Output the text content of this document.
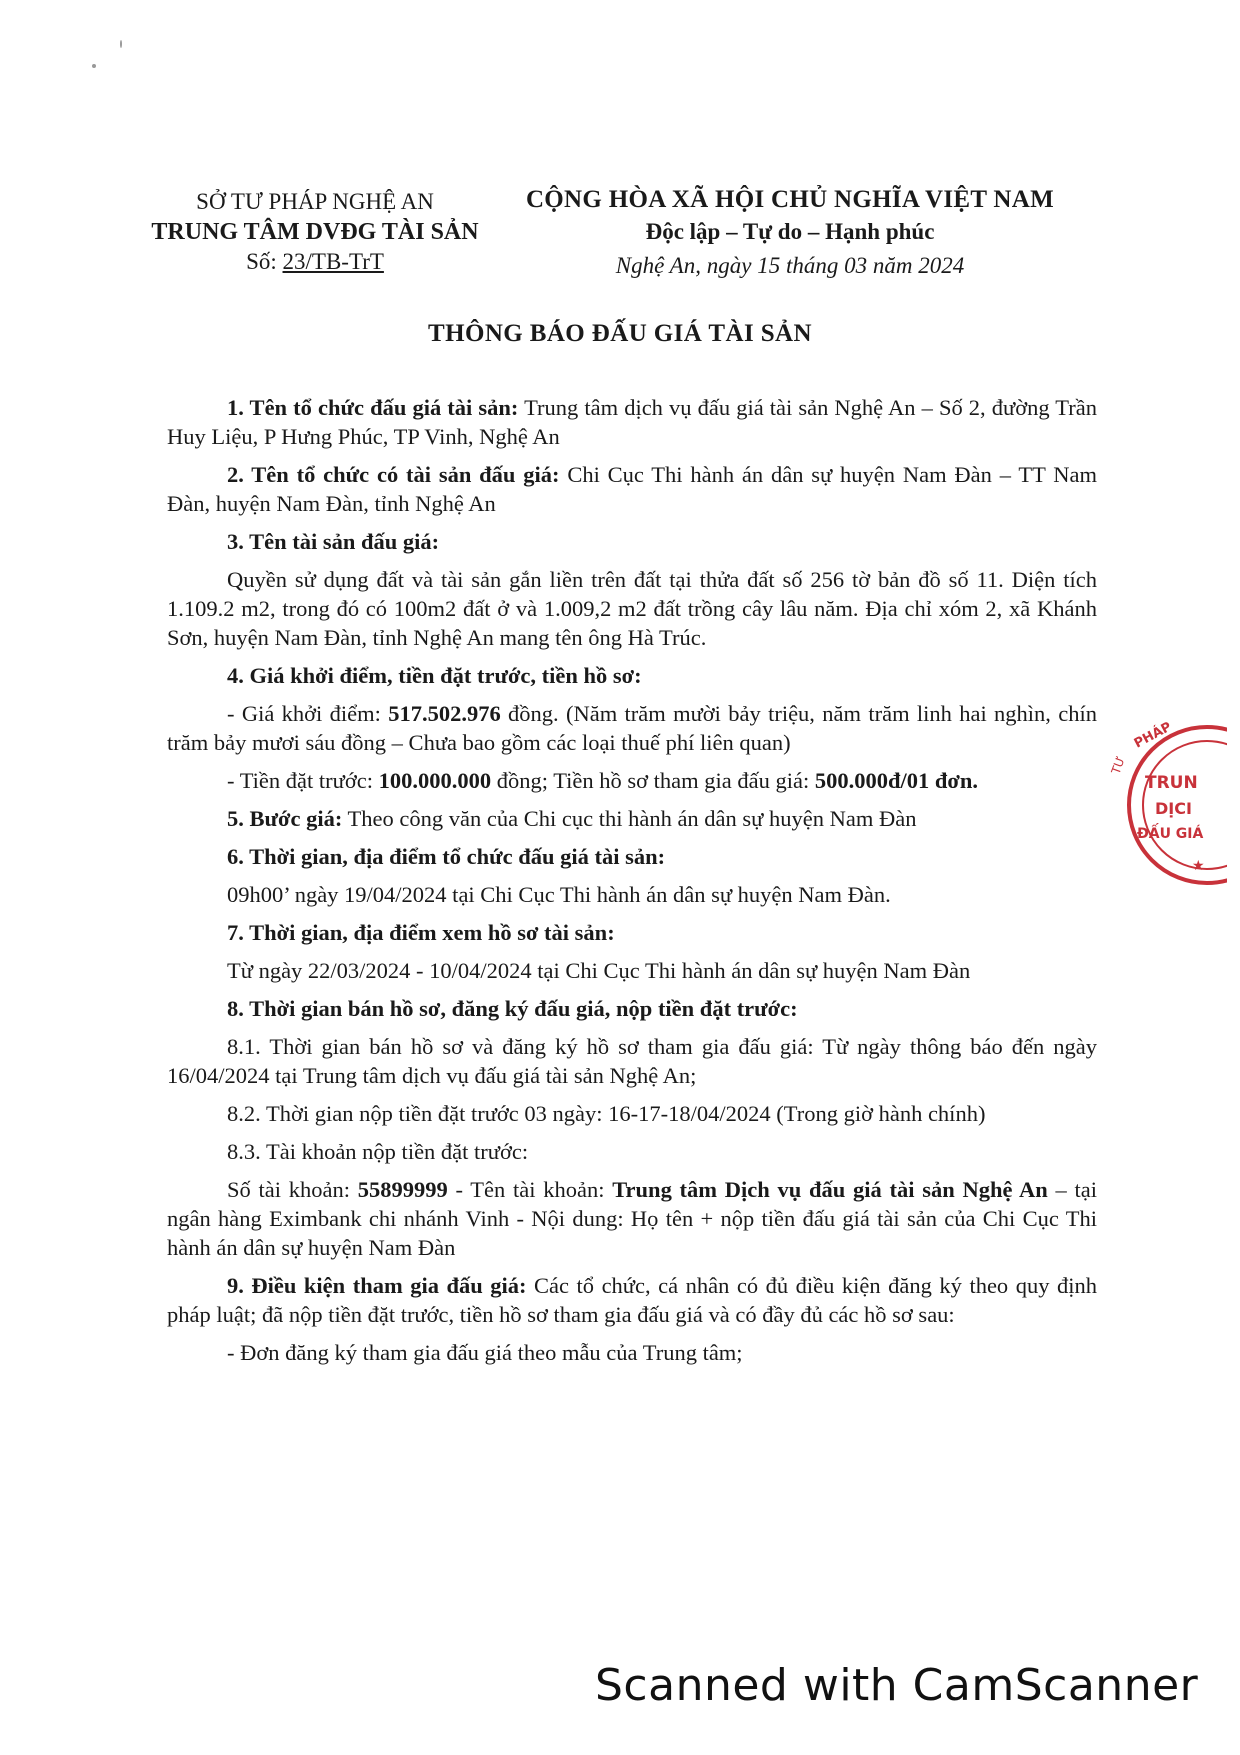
SỞ TƯ PHÁP NGHỆ AN
TRUNG TÂM DVĐG TÀI SẢN
Số: 23/TB-TrT
CỘNG HÒA XÃ HỘI CHỦ NGHĨA VIỆT NAM
Độc lập – Tự do – Hạnh phúc
Nghệ An, ngày 15 tháng 03 năm 2024
THÔNG BÁO ĐẤU GIÁ TÀI SẢN

1. Tên tổ chức đấu giá tài sản: Trung tâm dịch vụ đấu giá tài sản Nghệ An – Số 2, đường Trần Huy Liệu, P Hưng Phúc, TP Vinh, Nghệ An

2. Tên tổ chức có tài sản đấu giá: Chi Cục Thi hành án dân sự huyện Nam Đàn – TT Nam Đàn, huyện Nam Đàn, tỉnh Nghệ An

3. Tên tài sản đấu giá:

Quyền sử dụng đất và tài sản gắn liền trên đất tại thửa đất số 256 tờ bản đồ số 11. Diện tích 1.109.2 m2, trong đó có 100m2 đất ở và 1.009,2 m2 đất trồng cây lâu năm. Địa chỉ xóm 2, xã Khánh Sơn, huyện Nam Đàn, tỉnh Nghệ An mang tên ông Hà Trúc.

4. Giá khởi điểm, tiền đặt trước, tiền hồ sơ:

- Giá khởi điểm: 517.502.976 đồng. (Năm trăm mười bảy triệu, năm trăm linh hai nghìn, chín trăm bảy mươi sáu đồng – Chưa bao gồm các loại thuế phí liên quan)

- Tiền đặt trước: 100.000.000 đồng; Tiền hồ sơ tham gia đấu giá: 500.000đ/01 đơn.

5. Bước giá: Theo công văn của Chi cục thi hành án dân sự huyện Nam Đàn

6. Thời gian, địa điểm tổ chức đấu giá tài sản:

09h00’ ngày 19/04/2024 tại Chi Cục Thi hành án dân sự huyện Nam Đàn.

7. Thời gian, địa điểm xem hồ sơ tài sản:

Từ ngày 22/03/2024 - 10/04/2024 tại Chi Cục Thi hành án dân sự huyện Nam Đàn

8. Thời gian bán hồ sơ, đăng ký đấu giá, nộp tiền đặt trước:

8.1. Thời gian bán hồ sơ và đăng ký hồ sơ tham gia đấu giá: Từ ngày thông báo đến ngày 16/04/2024 tại Trung tâm dịch vụ đấu giá tài sản Nghệ An;

8.2. Thời gian nộp tiền đặt trước 03 ngày: 16-17-18/04/2024 (Trong giờ hành chính)

8.3. Tài khoản nộp tiền đặt trước:

Số tài khoản: 55899999 - Tên tài khoản: Trung tâm Dịch vụ đấu giá tài sản Nghệ An – tại ngân hàng Eximbank chi nhánh Vinh - Nội dung: Họ tên + nộp tiền đấu giá tài sản của Chi Cục Thi hành án dân sự huyện Nam Đàn

9. Điều kiện tham gia đấu giá: Các tổ chức, cá nhân có đủ điều kiện đăng ký theo quy định pháp luật; đã nộp tiền đặt trước, tiền hồ sơ tham gia đấu giá và có đầy đủ các hồ sơ sau:

- Đơn đăng ký tham gia đấu giá theo mẫu của Trung tâm;

PHÁP
TRUN
DỊCI
ĐẤU GIÁ
TƯ
★
Scanned with CamScanner
